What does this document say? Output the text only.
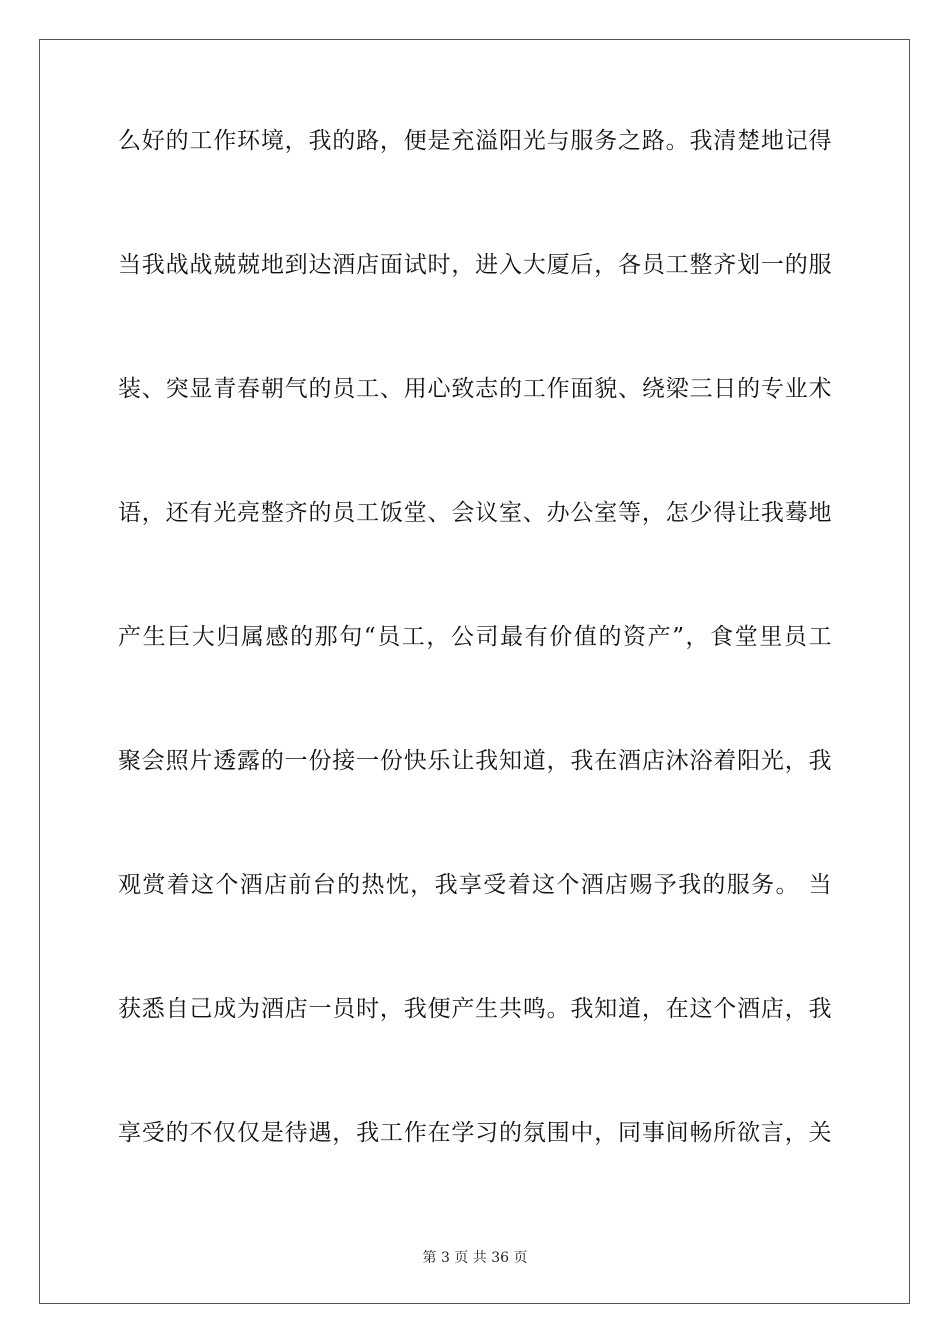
么好的工作环境，我的路，便是充溢阳光与服务之路。我清楚地记得
当我战战兢兢地到达酒店面试时，进入大厦后，各员工整齐划一的服
装、突显青春朝气的员工、用心致志的工作面貌、绕梁三日的专业术
语，还有光亮整齐的员工饭堂、会议室、办公室等，怎少得让我蓦地
产生巨大归属感的那句“员工，公司最有价值的资产”，食堂里员工
聚会照片透露的一份接一份快乐让我知道，我在酒店沐浴着阳光，我
观赏着这个酒店前台的热忱，我享受着这个酒店赐予我的服务。 当
获悉自己成为酒店一员时，我便产生共鸣。我知道，在这个酒店，我
享受的不仅仅是待遇，我工作在学习的氛围中，同事间畅所欲言，关
第 3 页 共 36 页
